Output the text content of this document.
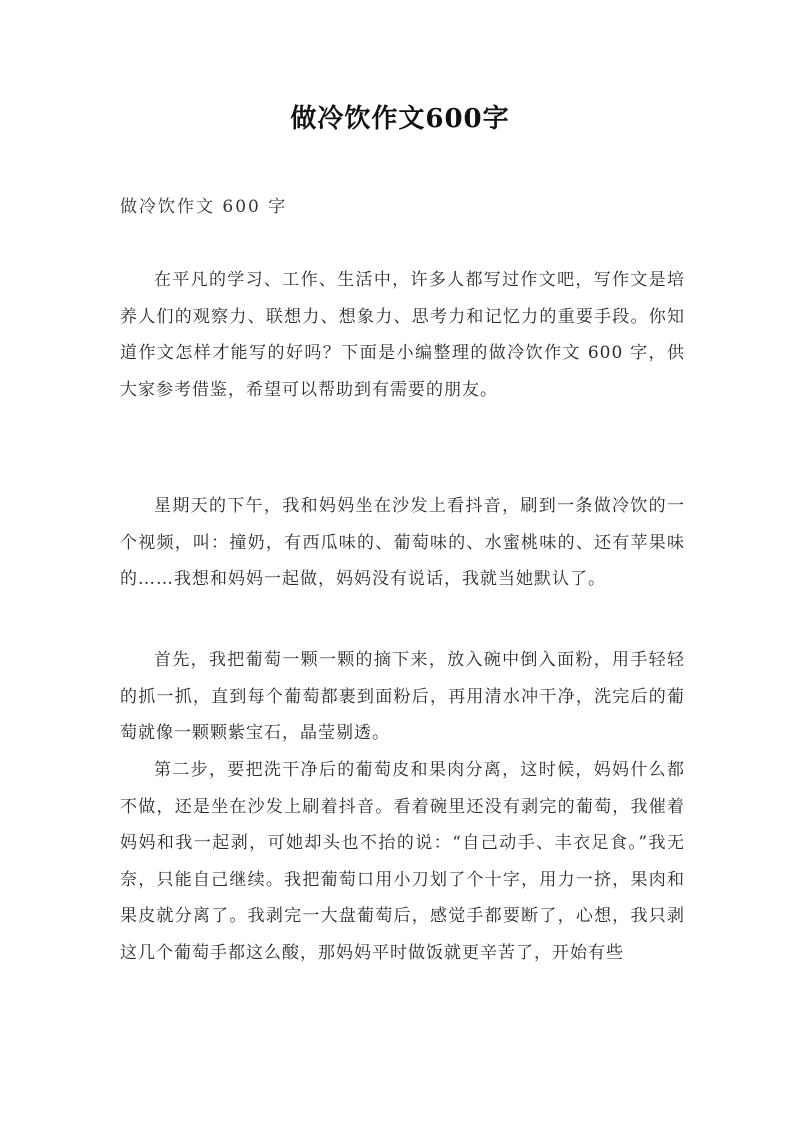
做冷饮作文600字
做冷饮作文 600 字

在平凡的学习、工作、生活中，许多人都写过作文吧，写作文是培养人们的观察力、联想力、想象力、思考力和记忆力的重要手段。你知道作文怎样才能写的好吗？下面是小编整理的做冷饮作文 600 字，供大家参考借鉴，希望可以帮助到有需要的朋友。

星期天的下午，我和妈妈坐在沙发上看抖音，刷到一条做冷饮的一个视频，叫：撞奶，有西瓜味的、葡萄味的、水蜜桃味的、还有苹果味的……我想和妈妈一起做，妈妈没有说话，我就当她默认了。

首先，我把葡萄一颗一颗的摘下来，放入碗中倒入面粉，用手轻轻的抓一抓，直到每个葡萄都裹到面粉后，再用清水冲干净，洗完后的葡萄就像一颗颗紫宝石，晶莹剔透。

第二步，要把洗干净后的葡萄皮和果肉分离，这时候，妈妈什么都不做，还是坐在沙发上刷着抖音。看着碗里还没有剥完的葡萄，我催着妈妈和我一起剥，可她却头也不抬的说：“自己动手、丰衣足食。”我无奈，只能自己继续。我把葡萄口用小刀划了个十字，用力一挤，果肉和果皮就分离了。我剥完一大盘葡萄后，感觉手都要断了，心想，我只剥这几个葡萄手都这么酸，那妈妈平时做饭就更辛苦了，开始有些
